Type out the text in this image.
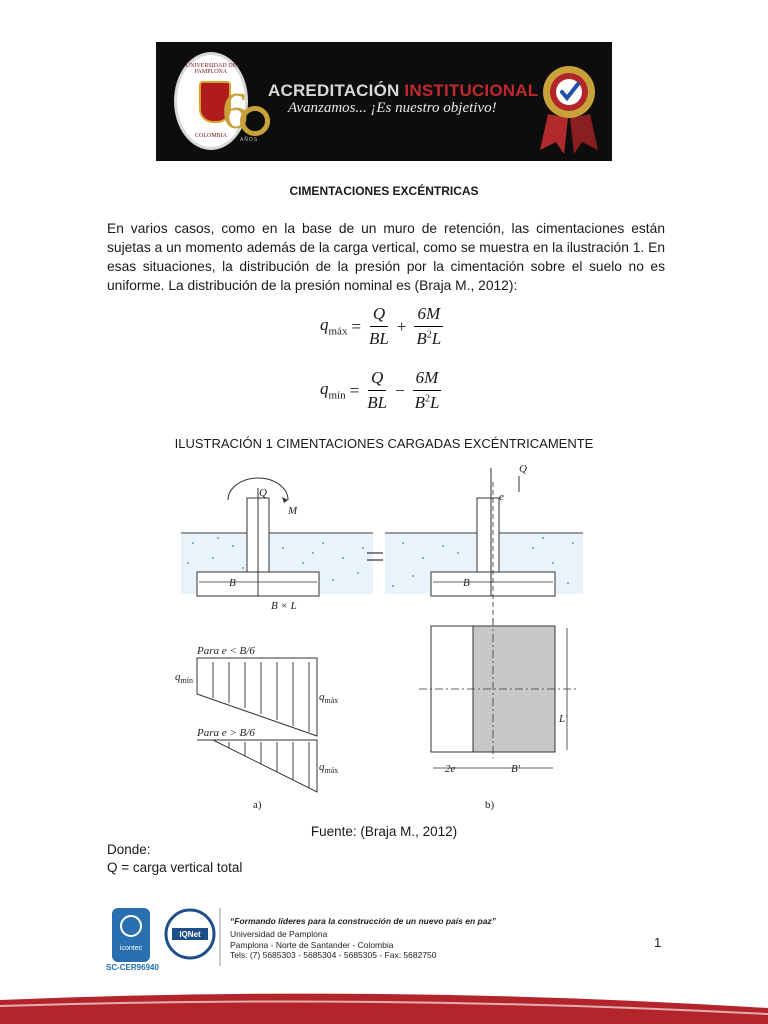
UNIVERSIDAD DE PAMPLONA
COLOMBIA
6
AÑOS
ACREDITACIÓN INSTITUCIONAL
Avanzamos... ¡Es nuestro objetivo!
CIMENTACIONES EXCÉNTRICAS

En varios casos, como en la base de un muro de retención, las cimentaciones están sujetas a un momento además de la carga vertical, como se muestra en la ilustración 1. En esas situaciones, la distribución de la presión por la cimentación sobre el suelo no es uniforme. La distribución de la presión nominal es (Braja M., 2012):

$q_{máx} = \frac{Q}{BL} + \frac{6M}{B^2L}$
$q_{mín} = \frac{Q}{BL} - \frac{6M}{B^2L}$
ILUSTRACIÓN 1 CIMENTACIONES CARGADAS EXCÉNTRICAMENTE
Q
M
B
B × L
Q
e
B
L′
2e	B′
Para e < B/6
$q_{mín}$
$q_{máx}$
Para e > B/6
$q_{máx}$
a)	b)
Fuente: (Braja M., 2012)
Donde:
Q = carga vertical total
icontec
IQNet
SC-CER96940
“Formando líderes para la construcción de un nuevo país en paz”
Universidad de Pamplona
Pamplona - Norte de Santander - Colombia
Tels: (7) 5685303 - 5685304 - 5685305 - Fax: 5682750
1
